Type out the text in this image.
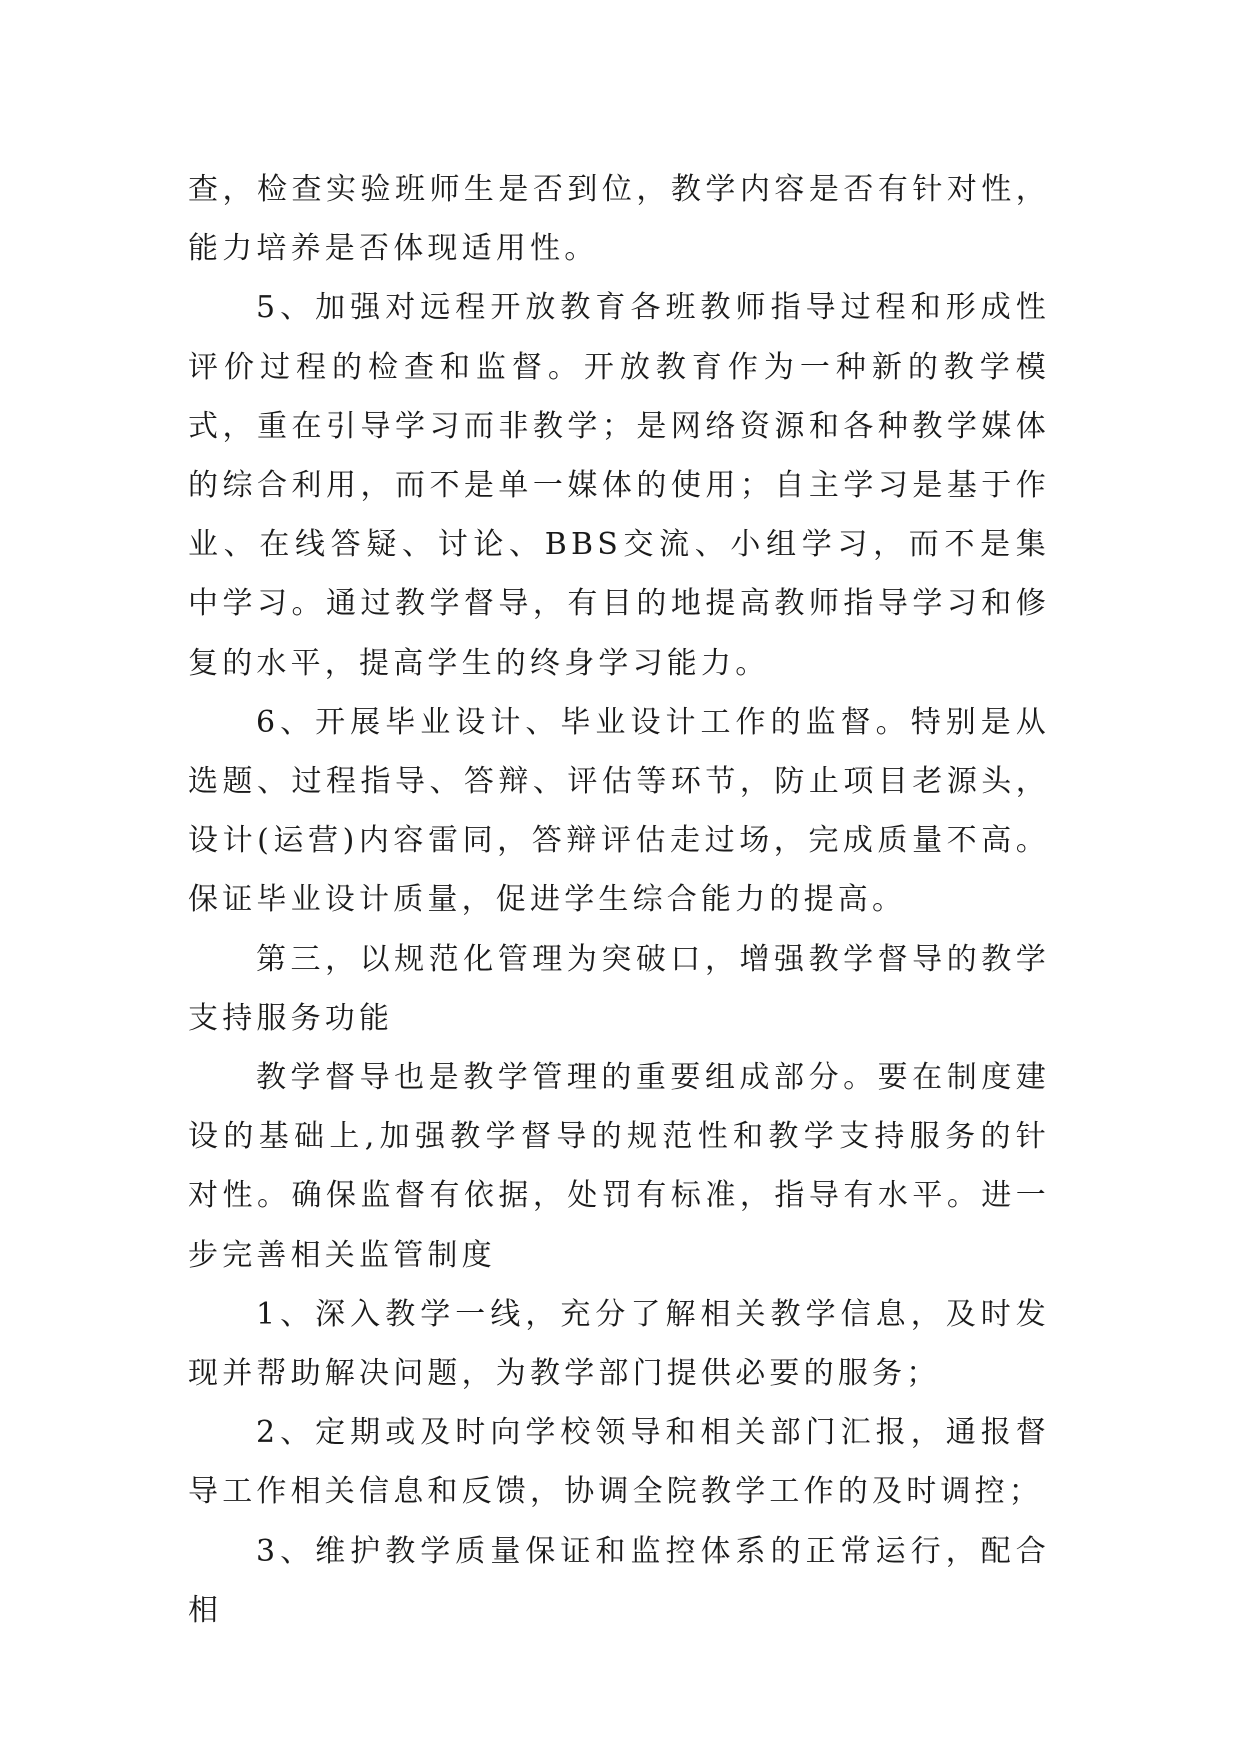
查，检查实验班师生是否到位，教学内容是否有针对性，能力培养是否体现适用性。

5、加强对远程开放教育各班教师指导过程和形成性评价过程的检查和监督。开放教育作为一种新的教学模式，重在引导学习而非教学；是网络资源和各种教学媒体的综合利用，而不是单一媒体的使用；自主学习是基于作业、在线答疑、讨论、BBS交流、小组学习，而不是集中学习。通过教学督导，有目的地提高教师指导学习和修复的水平，提高学生的终身学习能力。

6、开展毕业设计、毕业设计工作的监督。特别是从选题、过程指导、答辩、评估等环节，防止项目老源头，设计(运营)内容雷同，答辩评估走过场，完成质量不高。保证毕业设计质量，促进学生综合能力的提高。

第三，以规范化管理为突破口，增强教学督导的教学支持服务功能

教学督导也是教学管理的重要组成部分。要在制度建设的基础上,加强教学督导的规范性和教学支持服务的针对性。确保监督有依据，处罚有标准，指导有水平。进一步完善相关监管制度

1、深入教学一线，充分了解相关教学信息，及时发现并帮助解决问题，为教学部门提供必要的服务；

2、定期或及时向学校领导和相关部门汇报，通报督导工作相关信息和反馈，协调全院教学工作的及时调控；

3、维护教学质量保证和监控体系的正常运行，配合相
